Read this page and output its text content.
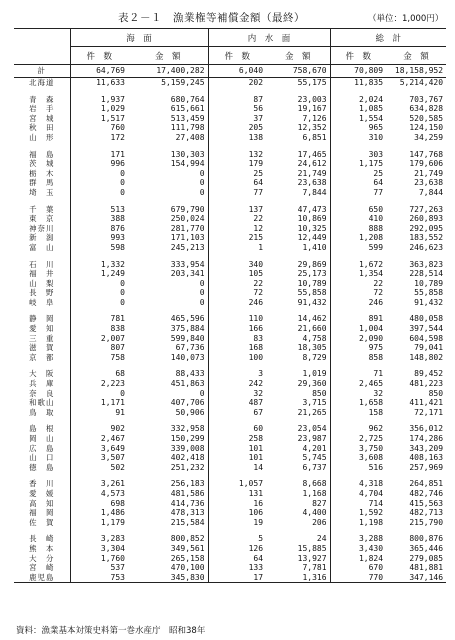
表２－１　漁業権等補償金額（最終）	（単位：1,000円）
	海　面		内　水　面		総　計	
	件　数	金　額	件　数	金　額	件　数	金　額
計	64,769	17,400,282	6,040	758,670	70,809	18,158,952
北海道	11,633	5,159,245	202	55,175	11,835	5,214,420

青　森	1,937	680,764	87	23,003	2,024	703,767
岩　手	1,029	615,661	56	19,167	1,085	634,828
宮　城	1,517	513,459	37	7,126	1,554	520,585
秋　田	760	111,798	205	12,352	965	124,150
山　形	172	27,408	138	6,851	310	34,259

福　島	171	130,303	132	17,465	303	147,768
茨　城	996	154,994	179	24,612	1,175	179,606
栃　木	0	0	25	21,749	25	21,749
群　馬	0	0	64	23,638	64	23,638
埼　玉	0	0	77	7,844	77	7,844

千　葉	513	679,790	137	47,473	650	727,263
東　京	388	250,024	22	10,869	410	260,893
神奈川	876	281,770	12	10,325	888	292,095
新　潟	993	171,103	215	12,449	1,208	183,552
富　山	598	245,213	1	1,410	599	246,623

石　川	1,332	333,954	340	29,869	1,672	363,823
福　井	1,249	203,341	105	25,173	1,354	228,514
山　梨	0	0	22	10,789	22	10,789
長　野	0	0	72	55,858	72	55,858
岐　阜	0	0	246	91,432	246	91,432

静　岡	781	465,596	110	14,462	891	480,058
愛　知	838	375,884	166	21,660	1,004	397,544
三　重	2,007	599,840	83	4,758	2,090	604,598
滋　賀	807	67,736	168	18,305	975	79,041
京　都	758	140,073	100	8,729	858	148,802

大　阪	68	88,433	3	1,019	71	89,452
兵　庫	2,223	451,863	242	29,360	2,465	481,223
奈　良	0	0	32	850	32	850
和歌山	1,171	407,706	487	3,715	1,658	411,421
鳥　取	91	50,906	67	21,265	158	72,171

島　根	902	332,958	60	23,054	962	356,012
岡　山	2,467	150,299	258	23,987	2,725	174,286
広　島	3,649	339,008	101	4,201	3,750	343,209
山　口	3,507	402,418	101	5,745	3,608	408,163
徳　島	502	251,232	14	6,737	516	257,969

香　川	3,261	256,183	1,057	8,668	4,318	264,851
愛　媛	4,573	481,586	131	1,168	4,704	482,746
高　知	698	414,736	16	827	714	415,563
福　岡	1,486	478,313	106	4,400	1,592	482,713
佐　賀	1,179	215,584	19	206	1,198	215,790

長　崎	3,283	800,852	5	24	3,288	800,876
熊　本	3,304	349,561	126	15,885	3,430	365,446
大　分	1,760	265,158	64	13,927	1,824	279,085
宮　崎	537	470,100	133	7,781	670	481,881
鹿児島	753	345,830	17	1,316	770	347,146
資料：漁業基本対策史料第一巻水産庁　昭和38年
